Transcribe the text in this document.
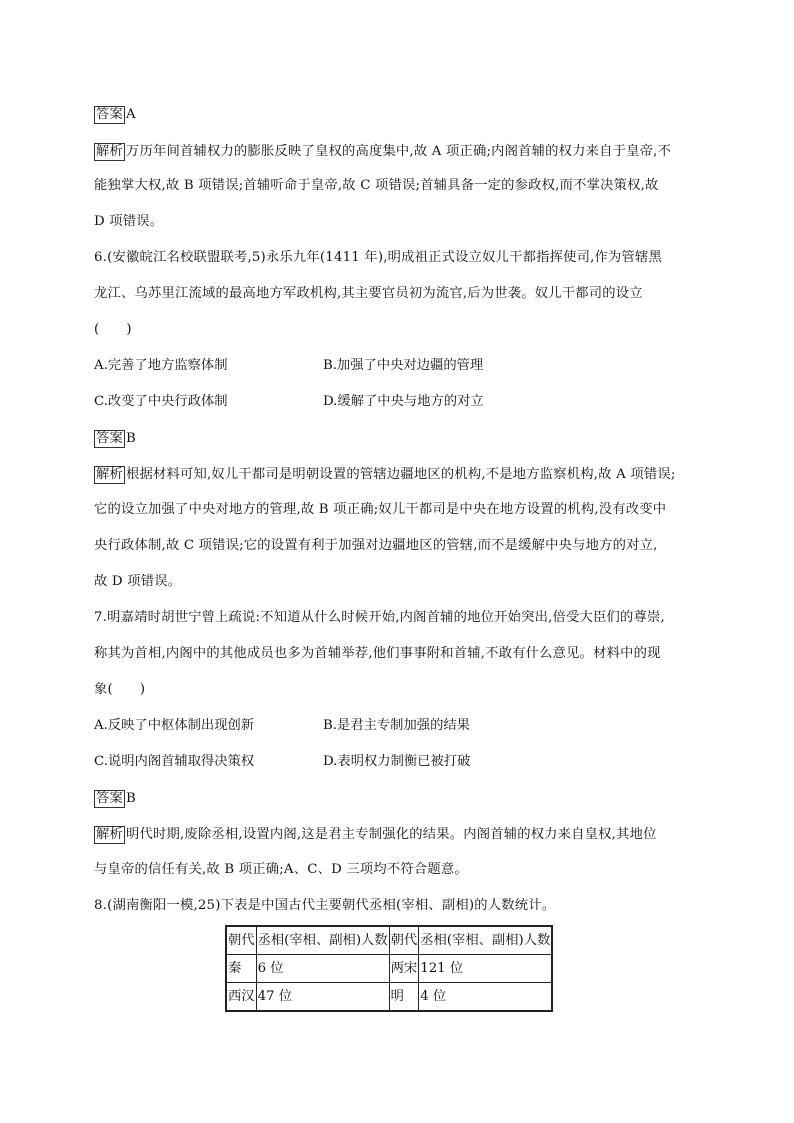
答案 A
解析 万历年间首辅权力的膨胀反映了皇权的高度集中,故 A 项正确;内阁首辅的权力来自于皇帝,不
能独掌大权,故 B 项错误;首辅听命于皇帝,故 C 项错误;首辅具备一定的参政权,而不掌决策权,故
D 项错误。
6.(安徽皖江名校联盟联考,5)永乐九年(1411 年),明成祖正式设立奴儿干都指挥使司,作为管辖黑
龙江、乌苏里江流域的最高地方军政机构,其主要官员初为流官,后为世袭。奴儿干都司的设立
(　　)
A.完善了地方监察体制	B.加强了中央对边疆的管理
C.改变了中央行政体制	D.缓解了中央与地方的对立
答案 B
解析 根据材料可知,奴儿干都司是明朝设置的管辖边疆地区的机构,不是地方监察机构,故 A 项错误;
它的设立加强了中央对地方的管理,故 B 项正确;奴儿干都司是中央在地方设置的机构,没有改变中
央行政体制,故 C 项错误;它的设置有利于加强对边疆地区的管辖,而不是缓解中央与地方的对立,
故 D 项错误。
7.明嘉靖时胡世宁曾上疏说:不知道从什么时候开始,内阁首辅的地位开始突出,倍受大臣们的尊崇,
称其为首相,内阁中的其他成员也多为首辅举荐,他们事事附和首辅,不敢有什么意见。材料中的现
象(　　)
A.反映了中枢体制出现创新	B.是君主专制加强的结果
C.说明内阁首辅取得决策权	D.表明权力制衡已被打破
答案 B
解析 明代时期,废除丞相,设置内阁,这是君主专制强化的结果。内阁首辅的权力来自皇权,其地位
与皇帝的信任有关,故 B 项正确;A、C、D 三项均不符合题意。
8.(湖南衡阳一模,25)下表是中国古代主要朝代丞相(宰相、副相)的人数统计。
朝代	丞相(宰相、副相)人数	朝代	丞相(宰相、副相)人数
秦	6 位	两宋	121 位
西汉	47 位	明	4 位
